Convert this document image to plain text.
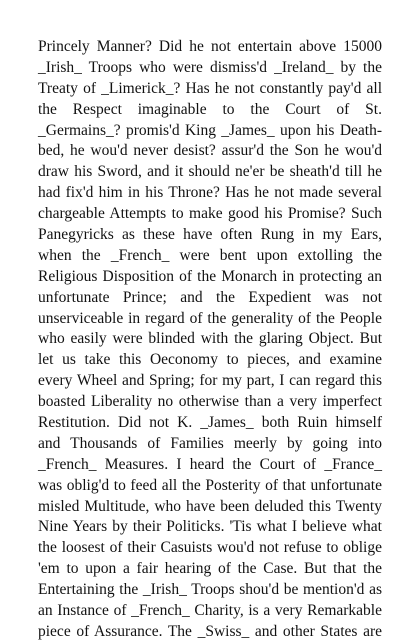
Princely Manner? Did he not entertain above 15000
_Irish_ Troops who were dismiss'd _Ireland_ by the
Treaty of _Limerick_? Has he not constantly pay'd all
the Respect imaginable to the Court of St.
_Germains_? promis'd King _James_ upon his Death-
bed, he wou'd never desist? assur'd the Son he wou'd
draw his Sword, and it should ne'er be sheath'd till he
had fix'd him in his Throne? Has he not made several
chargeable Attempts to make good his Promise? Such
Panegyricks as these have often Rung in my Ears,
when the _French_ were bent upon extolling the
Religious Disposition of the Monarch in protecting an
unfortunate Prince; and the Expedient was not
unserviceable in regard of the generality of the People
who easily were blinded with the glaring Object. But
let us take this Oeconomy to pieces, and examine
every Wheel and Spring; for my part, I can regard this
boasted Liberality no otherwise than a very imperfect
Restitution. Did not K. _James_ both Ruin himself
and Thousands of Families meerly by going into
_French_ Measures. I heard the Court of _France_
was oblig'd to feed all the Posterity of that unfortunate
misled Multitude, who have been deluded this Twenty
Nine Years by their Politicks. 'Tis what I believe what
the loosest of their Casuists wou'd not refuse to oblige
'em to upon a fair hearing of the Case. But that the
Entertaining the _Irish_ Troops shou'd be mention'd as
an Instance of _French_ Charity, is a very Remarkable
piece of Assurance. The _Swiss_ and other States are
